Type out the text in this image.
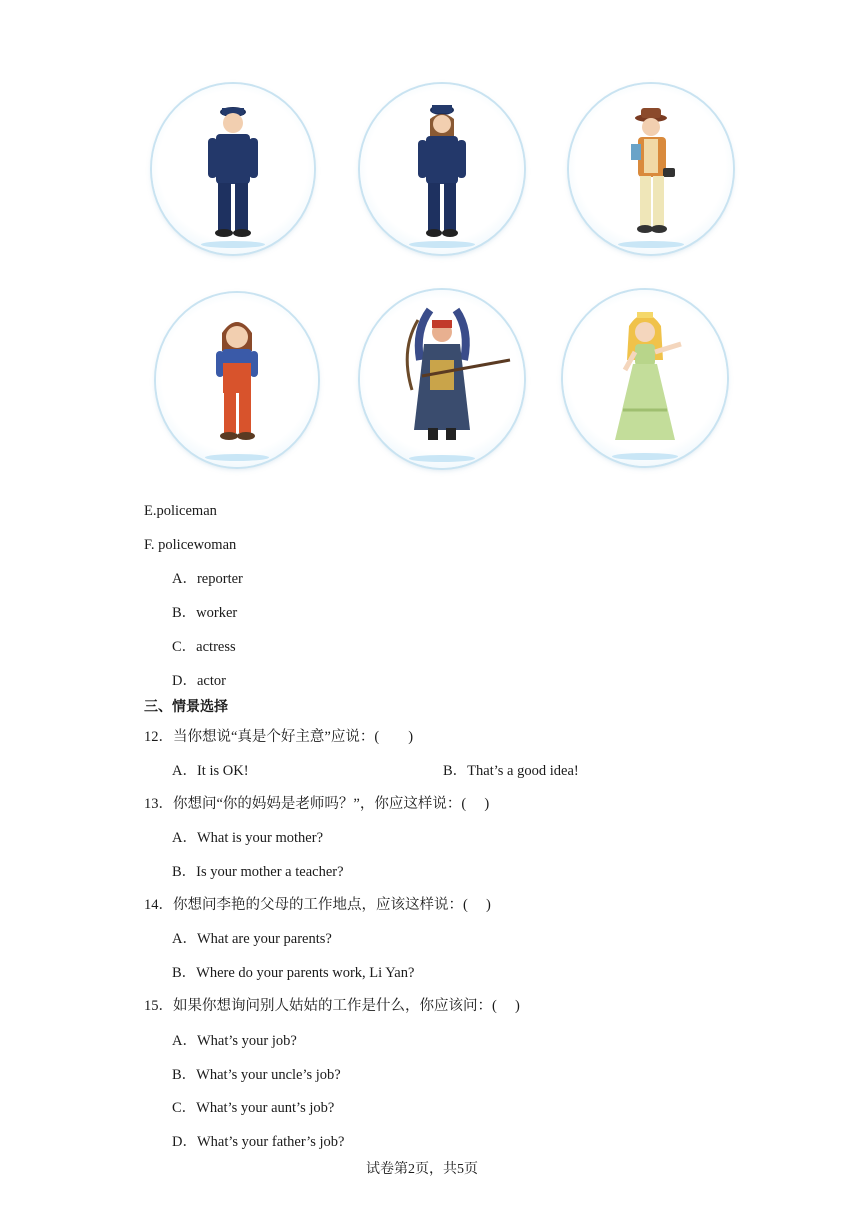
E.policeman
F. policewoman
A．reporter
B．worker
C．actress
D．actor
三、情景选择
12．当你想说“真是个好主意”应说：(　　)
A．It is OK!	B．That’s a good idea!
13．你想问“你的妈妈是老师吗？”，你应这样说：(　 )
A．What is your mother?
B．Is your mother a teacher?
14．你想问李艳的父母的工作地点，应该这样说：(　 )
A．What are your parents?
B．Where do your parents work, Li Yan?
15．如果你想询问别人姑姑的工作是什么，你应该问：(　 )
A．What’s your job?
B．What’s your uncle’s job?
C．What’s your aunt’s job?
D．What’s your father’s job?
试卷第2页，共5页
